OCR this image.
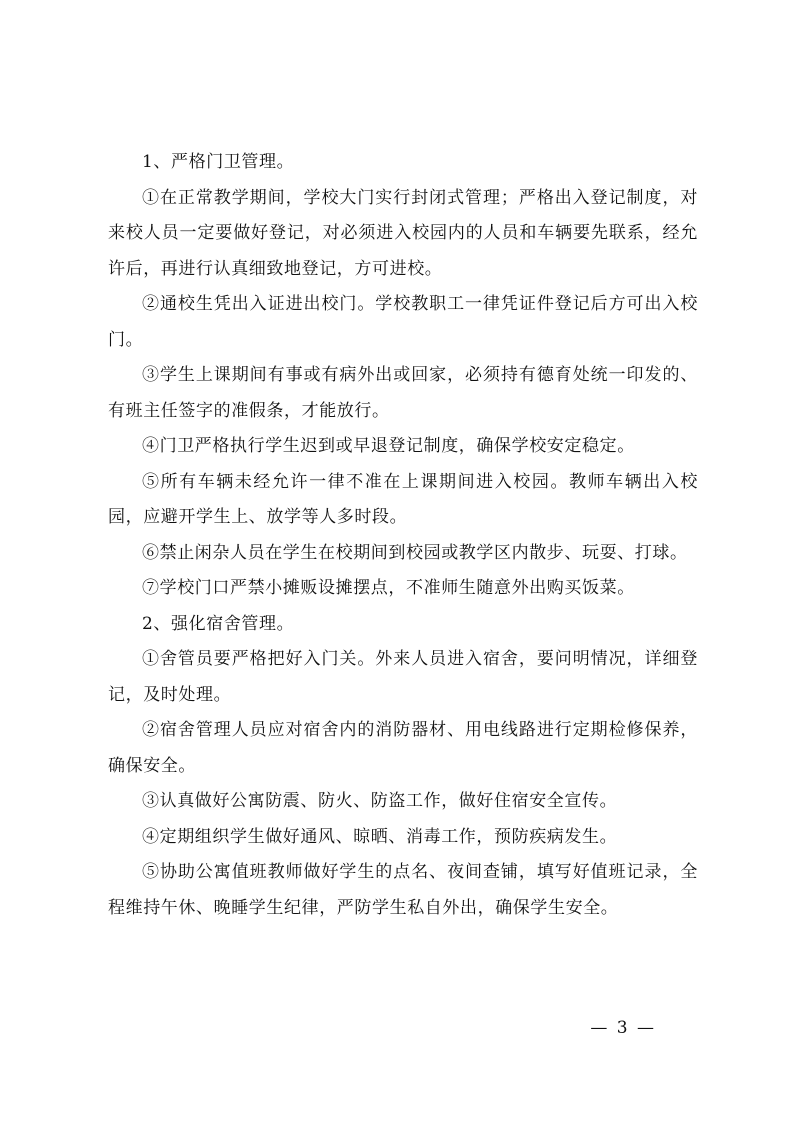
1、严格门卫管理。

①在正常教学期间，学校大门实行封闭式管理；严格出入登记制度，对来校人员一定要做好登记，对必须进入校园内的人员和车辆要先联系，经允许后，再进行认真细致地登记，方可进校。

②通校生凭出入证进出校门。学校教职工一律凭证件登记后方可出入校门。

③学生上课期间有事或有病外出或回家，必须持有德育处统一印发的、有班主任签字的准假条，才能放行。

④门卫严格执行学生迟到或早退登记制度，确保学校安定稳定。

⑤所有车辆未经允许一律不准在上课期间进入校园。教师车辆出入校园，应避开学生上、放学等人多时段。

⑥禁止闲杂人员在学生在校期间到校园或教学区内散步、玩耍、打球。

⑦学校门口严禁小摊贩设摊摆点，不准师生随意外出购买饭菜。

2、强化宿舍管理。

①舍管员要严格把好入门关。外来人员进入宿舍，要问明情况，详细登记，及时处理。

②宿舍管理人员应对宿舍内的消防器材、用电线路进行定期检修保养，确保安全。

③认真做好公寓防震、防火、防盗工作，做好住宿安全宣传。

④定期组织学生做好通风、晾晒、消毒工作，预防疾病发生。

⑤协助公寓值班教师做好学生的点名、夜间查铺，填写好值班记录，全程维持午休、晚睡学生纪律，严防学生私自外出，确保学生安全。

— 3 —
